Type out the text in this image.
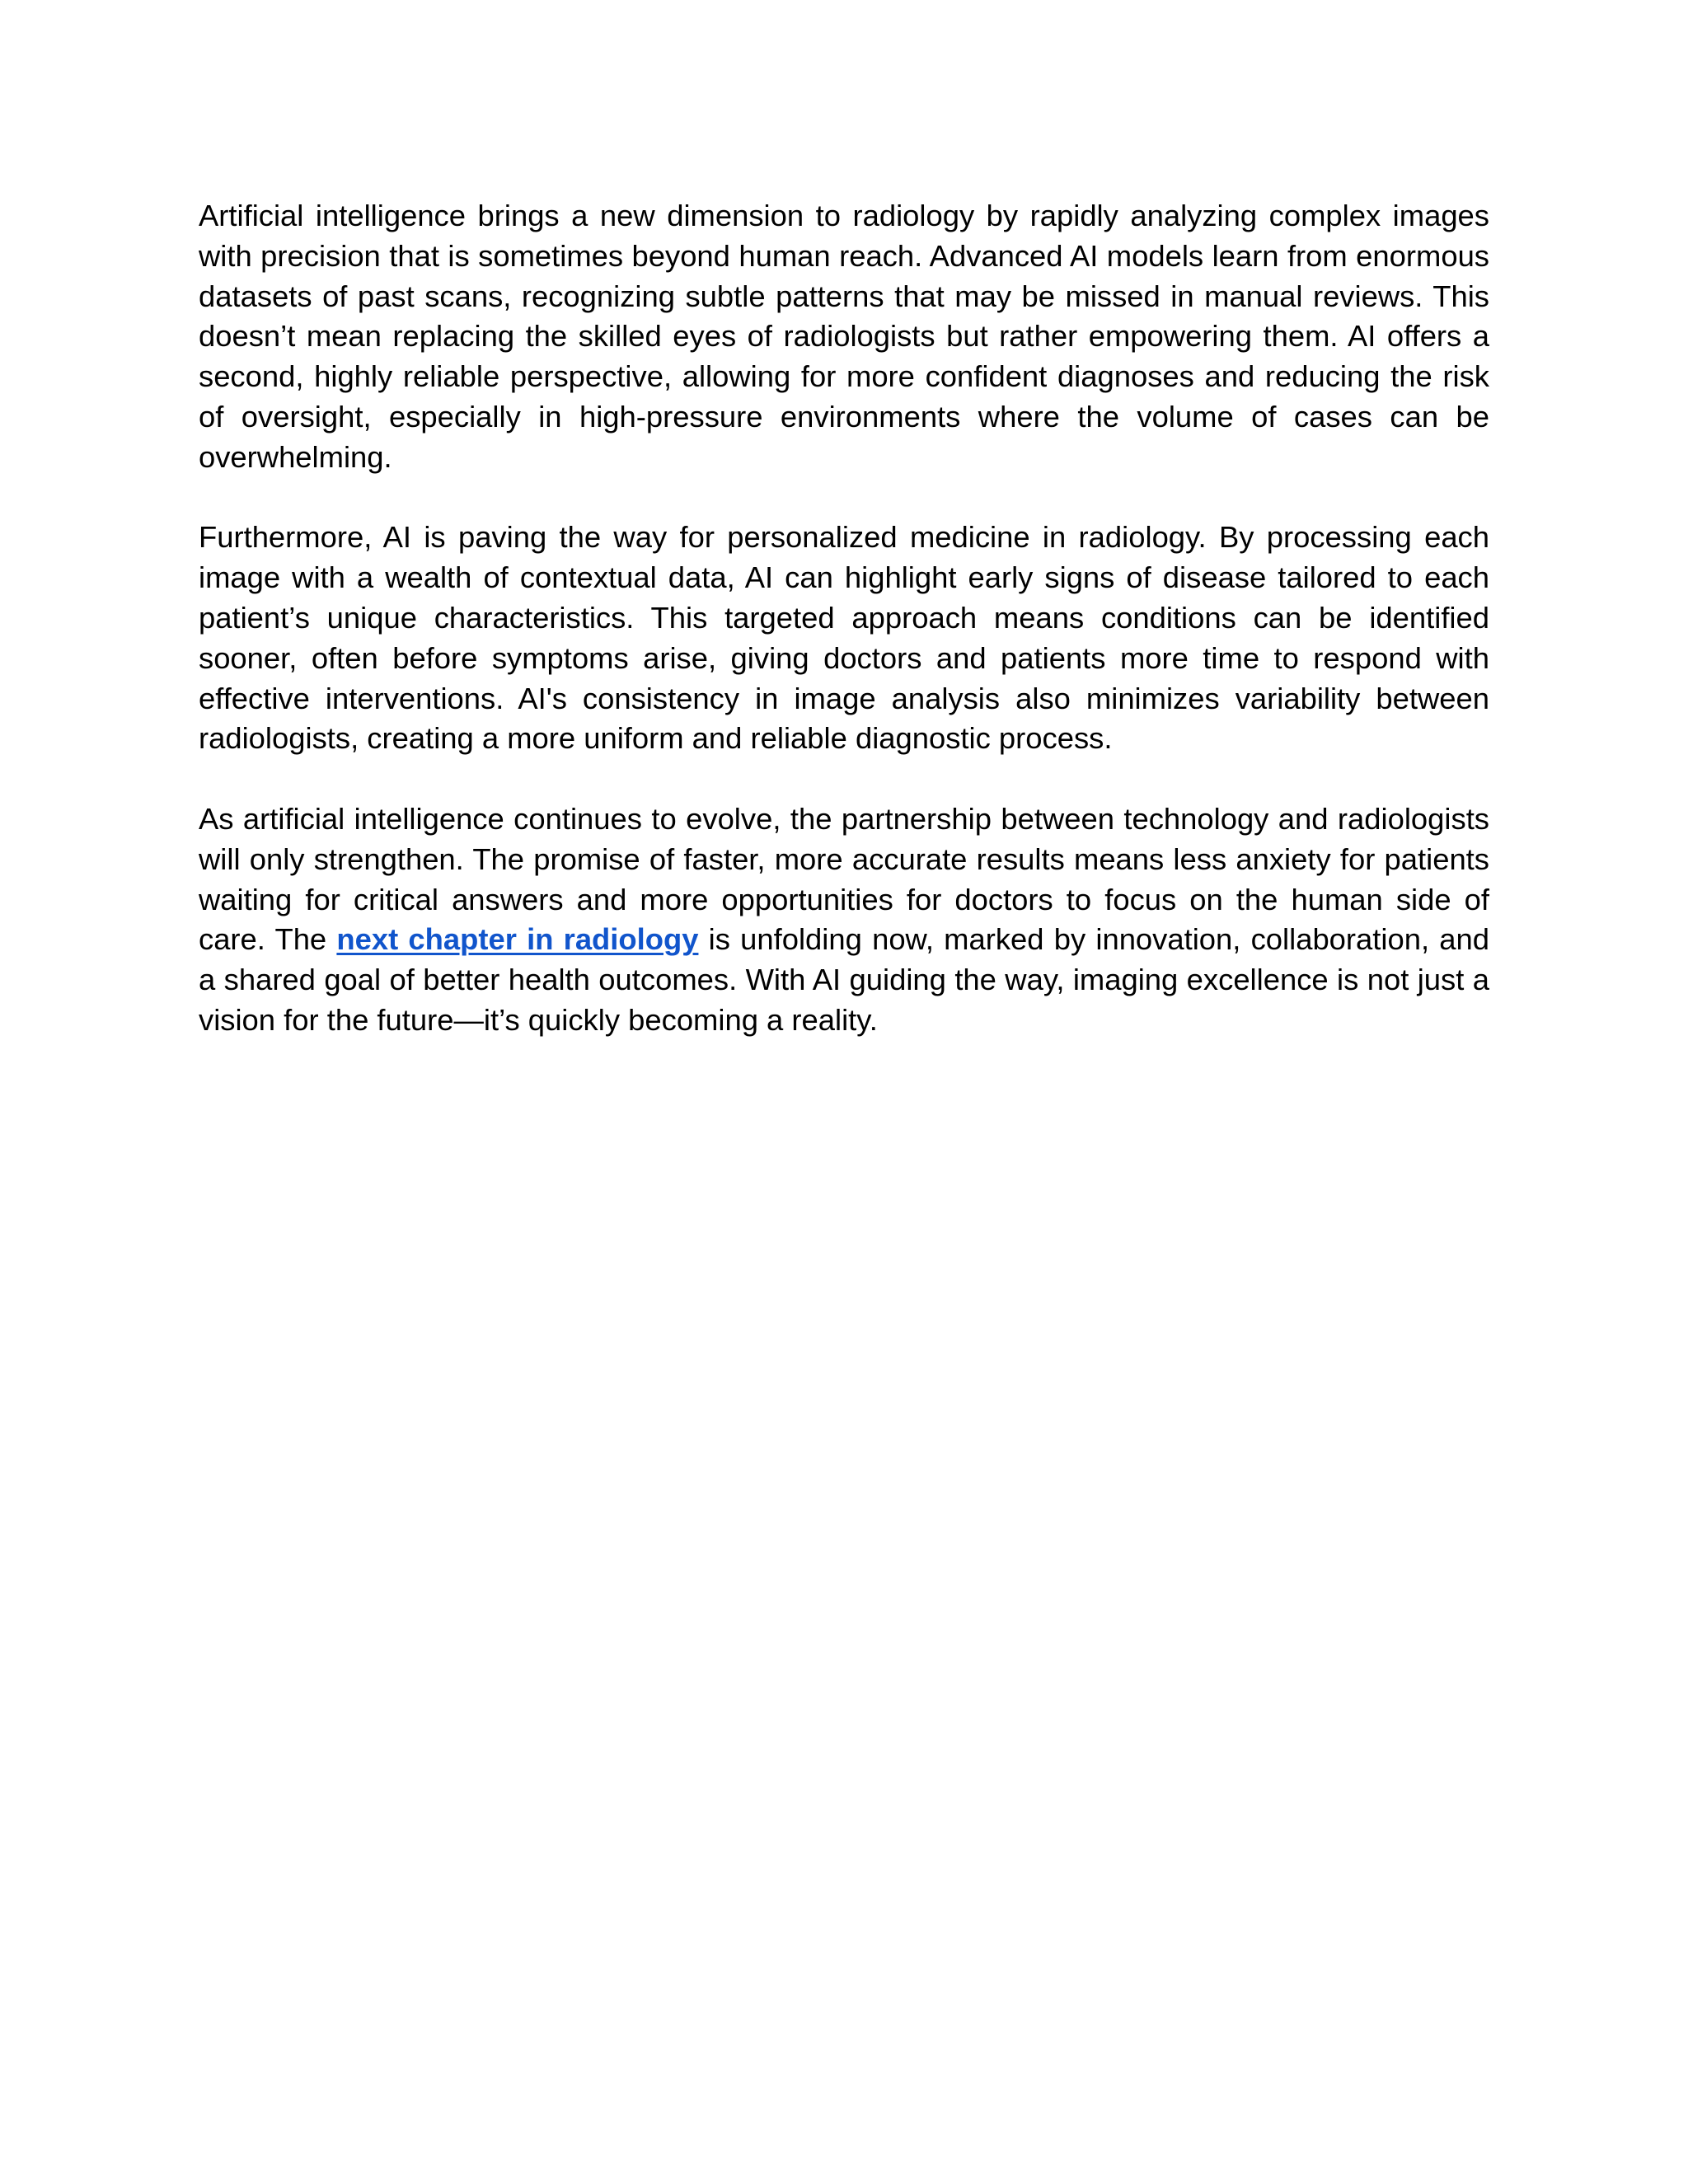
Artificial intelligence brings a new dimension to radiology by rapidly analyzing complex images with precision that is sometimes beyond human reach. Advanced AI models learn from enormous datasets of past scans, recognizing subtle patterns that may be missed in manual reviews. This doesn’t mean replacing the skilled eyes of radiologists but rather empowering them. AI offers a second, highly reliable perspective, allowing for more confident diagnoses and reducing the risk of oversight, especially in high-pressure environments where the volume of cases can be overwhelming.

Furthermore, AI is paving the way for personalized medicine in radiology. By processing each image with a wealth of contextual data, AI can highlight early signs of disease tailored to each patient’s unique characteristics. This targeted approach means conditions can be identified sooner, often before symptoms arise, giving doctors and patients more time to respond with effective interventions. AI's consistency in image analysis also minimizes variability between radiologists, creating a more uniform and reliable diagnostic process.

As artificial intelligence continues to evolve, the partnership between technology and radiologists will only strengthen. The promise of faster, more accurate results means less anxiety for patients waiting for critical answers and more opportunities for doctors to focus on the human side of care. The next chapter in radiology is unfolding now, marked by innovation, collaboration, and a shared goal of better health outcomes. With AI guiding the way, imaging excellence is not just a vision for the future—it’s quickly becoming a reality.
